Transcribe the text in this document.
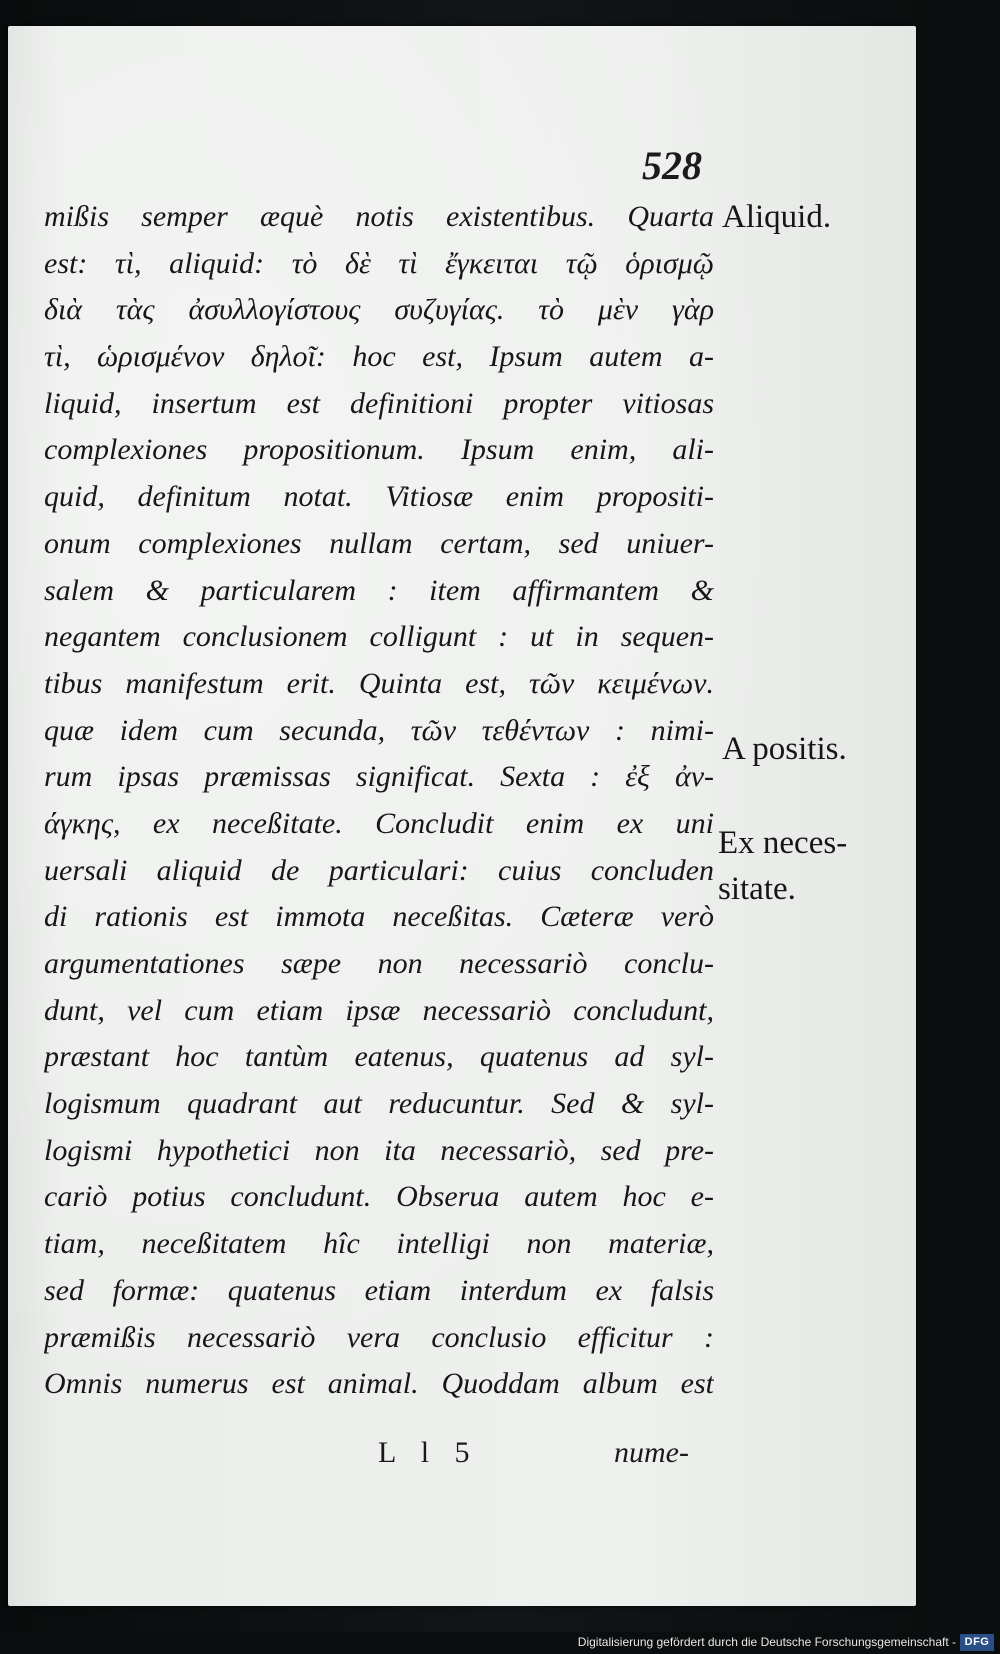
528
mißis semper æquè notis existentibus. Quarta
est: τὶ, aliquid: τὸ δὲ τὶ ἔγκειται τῷ ὁρισμῷ
διὰ τὰς ἀσυλλογίστους συζυγίας. τὸ μὲν γὰρ
τὶ, ὡρισμένον δηλοῖ: hoc est, Ipsum autem a-
liquid, insertum est definitioni propter vitiosas
complexiones propositionum. Ipsum enim, ali-
quid, definitum notat. Vitiosæ enim propositi-
onum complexiones nullam certam, sed uniuer-
salem & particularem : item affirmantem &
negantem conclusionem colligunt : ut in sequen-
tibus manifestum erit. Quinta est, τῶν κειμένων.
quæ idem cum secunda, τῶν τεθέντων : nimi-
rum ipsas præmissas significat. Sexta : ἐξ ἀν-
άγκης, ex neceßitate. Concludit enim ex uni
uersali aliquid de particulari: cuius concluden
di rationis est immota neceßitas. Cæteræ verò
argumentationes sæpe non necessariò conclu-
dunt, vel cum etiam ipsæ necessariò concludunt,
præstant hoc tantùm eatenus, quatenus ad syl-
logismum quadrant aut reducuntur. Sed & syl-
logismi hypothetici non ita necessariò, sed pre-
cariò potius concludunt. Obserua autem hoc e-
tiam, neceßitatem hîc intelligi non materiæ,
sed formæ: quatenus etiam interdum ex falsis
præmißis necessariò vera conclusio efficitur :
Omnis numerus est animal. Quoddam album est
Aliquid.
A positis.
Ex neces-
sitate.
L l 5	nume-
Digitalisierung gefördert durch die Deutsche Forschungsgemeinschaft - DFG
